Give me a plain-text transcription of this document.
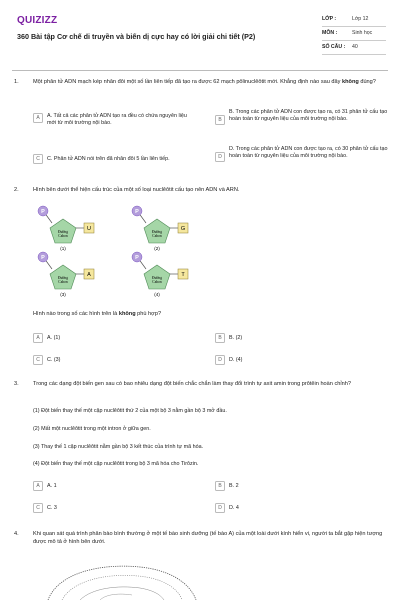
QUIZIZZ
360 Bài tập Cơ chế di truyền và biến dị cực hay có lời giải chi tiết (P2)
LỚP :	Lớp 12
MÔN :	Sinh học
SỐ CÂU :	40
1.	Một phân tử ADN mạch kép nhân đôi một số lần liên tiếp đã tạo ra được 62 mạch pôlinuclêôtit mới. Khẳng định nào sau đây không đúng?
A	A. Tất cả các phân tử ADN tạo ra đều có chứa nguyên liệu mới từ môi trường nội bào.
B
B. Trong các phân tử ADN con được tạo ra, có 31 phân tử cấu tạo hoàn toàn từ nguyên liệu của môi trường nội bào.
C	C. Phân tử ADN nói trên đã nhân đôi 5 lần liên tiếp.	D
D. Trong các phân tử ADN con được tạo ra, có 30 phân tử cấu tạo hoàn toàn từ nguyên liệu của môi trường nội bào.
2.	Hình bên dưới thể hiện cấu trúc của một số loại nuclêôtit cấu tạo nên ADN và ARN.
P
Đường
Cabon
U
(1)
P
Đường
Cabon
G
(2)
P
Đường
Cabon
A
(3)
P
Đường
Cabon
T
(4)
Hình nào trong số các hình trên là không phù hợp?
A	A. (1)	B	B. (2)
C	C. (3)	D	D. (4)
3.	Trong các dạng đột biến gen sau có bao nhiêu dạng đột biến chắc chắn làm thay đổi trình tự axit amin trong prôtêin hoàn chỉnh?
(1) Đột biến thay thế một cặp nuclêôtit thứ 2 của một bộ 3 nằm gần bộ 3 mở đầu.
(2) Mất một nuclêôtit trong một intron ở giữa gen.
(3) Thay thế 1 cặp nuclêôtit nằm gần bộ 3 kết thúc của trình tự mã hóa.
(4) Đột biến thay thế một cặp nuclêôtit trong bộ 3 mã hóa cho Tirôzin.
A	A. 1	B	B. 2
C	C. 3	D	D. 4
4.	Khi quan sát quá trình phân bào bình thường ở một tế bào sinh dưỡng (tế bào A) của một loài dưới kính hiển vi, người ta bắt gặp hiện tượng được mô tả ở hình bên dưới.
